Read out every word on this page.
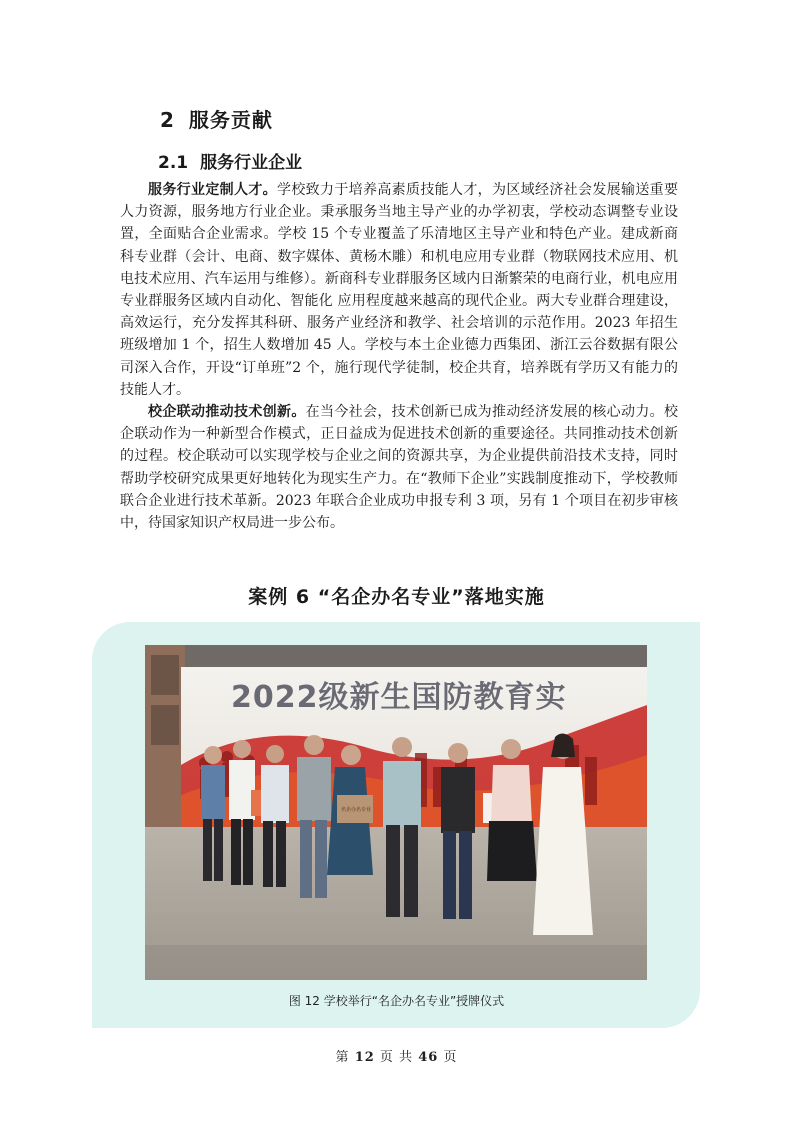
2 服务贡献
2.1 服务行业企业

服务行业定制人才。学校致力于培养高素质技能人才，为区域经济社会发展输送重要人力资源，服务地方行业企业。秉承服务当地主导产业的办学初衷，学校动态调整专业设置，全面贴合企业需求。学校 15 个专业覆盖了乐清地区主导产业和特色产业。建成新商科专业群（会计、电商、数字媒体、黄杨木雕）和机电应用专业群（物联网技术应用、机电技术应用、汽车运用与维修）。新商科专业群服务区域内日渐繁荣的电商行业，机电应用专业群服务区域内自动化、智能化 应用程度越来越高的现代企业。两大专业群合理建设，高效运行，充分发挥其科研、服务产业经济和教学、社会培训的示范作用。2023 年招生班级增加 1 个，招生人数增加 45 人。学校与本土企业德力西集团、浙江云谷数据有限公司深入合作，开设“订单班”2 个，施行现代学徒制，校企共育，培养既有学历又有能力的技能人才。

校企联动推动技术创新。在当今社会，技术创新已成为推动经济发展的核心动力。校企联动作为一种新型合作模式，正日益成为促进技术创新的重要途径。共同推动技术创新的过程。校企联动可以实现学校与企业之间的资源共享，为企业提供前沿技术支持，同时帮助学校研究成果更好地转化为现实生产力。在“教师下企业”实践制度推动下，学校教师联合企业进行技术革新。2023 年联合企业成功申报专利 3 项，另有 1 个项目在初步审核中，待国家知识产权局进一步公布。

案例 6 “名企办名专业”落地实施
2022级新生国防教育实
名企办名专业

图 12 学校举行“名企办名专业”授牌仪式

第 12 页 共 46 页
